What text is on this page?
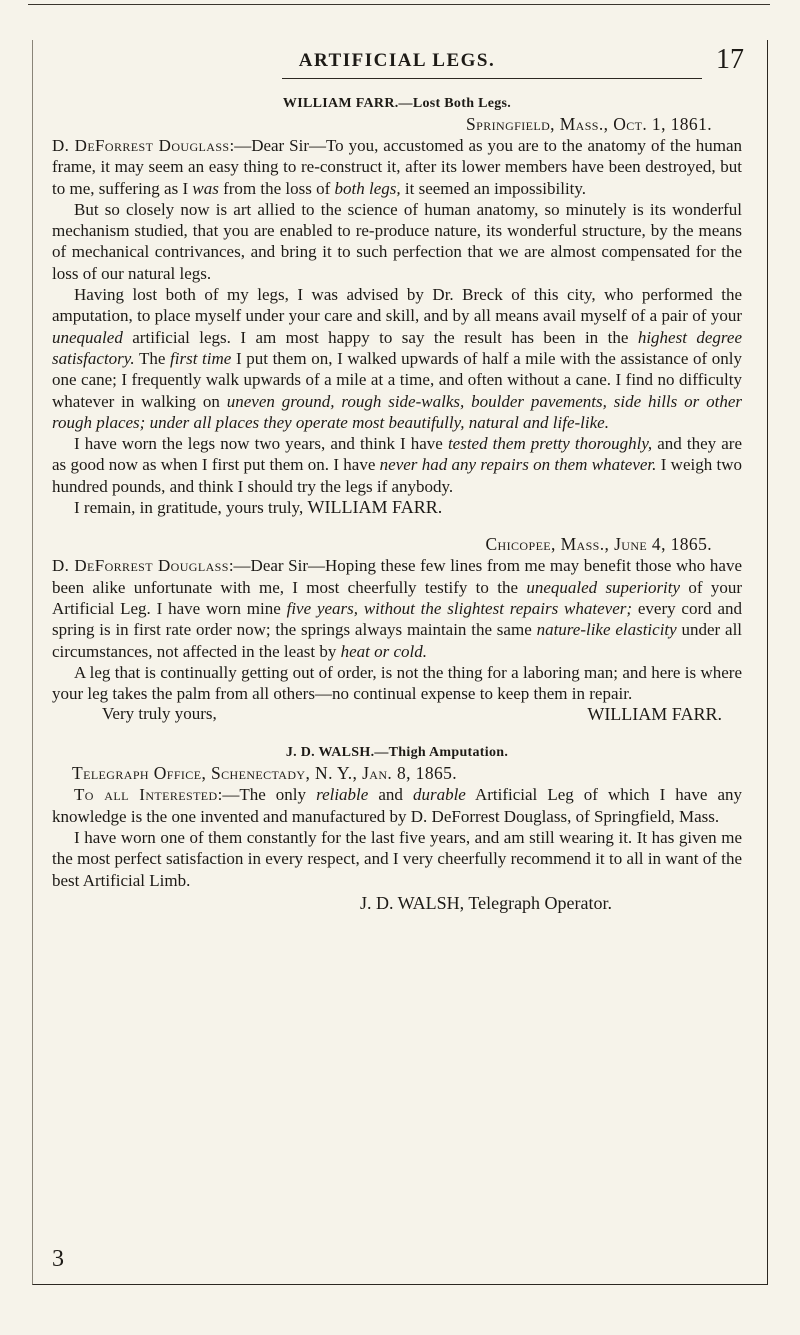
ARTIFICIAL LEGS.	17
WILLIAM FARR.—Lost Both Legs.
Springfield, Mass., Oct. 1, 1861.

D. DeForrest Douglass:—Dear Sir—To you, accustomed as you are to the anatomy of the human frame, it may seem an easy thing to re-construct it, after its lower members have been destroyed, but to me, suffering as I was from the loss of both legs, it seemed an impossibility.

But so closely now is art allied to the science of human anatomy, so minutely is its wonderful mechanism studied, that you are enabled to re-produce nature, its wonderful structure, by the means of mechanical contrivances, and bring it to such perfection that we are almost compensated for the loss of our natural legs.

Having lost both of my legs, I was advised by Dr. Breck of this city, who performed the amputation, to place myself under your care and skill, and by all means avail myself of a pair of your unequaled artificial legs. I am most happy to say the result has been in the highest degree satisfactory. The first time I put them on, I walked upwards of half a mile with the assistance of only one cane; I frequently walk upwards of a mile at a time, and often without a cane. I find no difficulty whatever in walking on uneven ground, rough side-walks, boulder pavements, side hills or other rough places; under all places they operate most beautifully, natural and life-like.

I have worn the legs now two years, and think I have tested them pretty thoroughly, and they are as good now as when I first put them on. I have never had any repairs on them whatever. I weigh two hundred pounds, and think I should try the legs if anybody.

I remain, in gratitude, yours truly, WILLIAM FARR.

Chicopee, Mass., June 4, 1865.

D. DeForrest Douglass:—Dear Sir—Hoping these few lines from me may benefit those who have been alike unfortunate with me, I most cheerfully testify to the unequaled superiority of your Artificial Leg. I have worn mine five years, without the slightest repairs whatever; every cord and spring is in first rate order now; the springs always maintain the same nature-like elasticity under all circumstances, not affected in the least by heat or cold.

A leg that is continually getting out of order, is not the thing for a laboring man; and here is where your leg takes the palm from all others—no continual expense to keep them in repair.

Very truly yours,	WILLIAM FARR.
J. D. WALSH.—Thigh Amputation.
Telegraph Office, Schenectady, N. Y., Jan. 8, 1865.

To all Interested:—The only reliable and durable Artificial Leg of which I have any knowledge is the one invented and manufactured by D. DeForrest Douglass, of Springfield, Mass.

I have worn one of them constantly for the last five years, and am still wearing it. It has given me the most perfect satisfaction in every respect, and I very cheerfully recommend it to all in want of the best Artificial Limb.

J. D. WALSH, Telegraph Operator.
3
